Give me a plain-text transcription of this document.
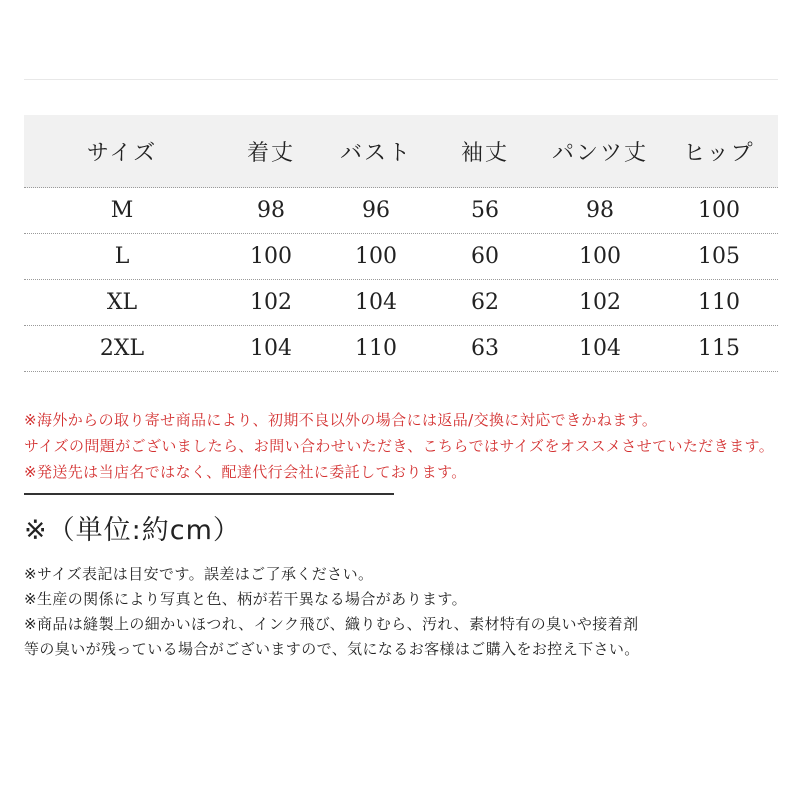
サイズ	着丈	バスト	袖丈	パンツ丈	ヒップ
M	98	96	56	98	100
L	100	100	60	100	105
XL	102	104	62	102	110
2XL	104	110	63	104	115
※海外からの取り寄せ商品により、初期不良以外の場合には返品/交換に対応できかねます。
サイズの問題がございましたら、お問い合わせいただき、こちらではサイズをオススメさせていただきます。
※発送先は当店名ではなく、配達代行会社に委託しております。
※（単位:約cm）
※サイズ表記は目安です。誤差はご了承ください。
※生産の関係により写真と色、柄が若干異なる場合があります。
※商品は縫製上の細かいほつれ、インク飛び、織りむら、汚れ、素材特有の臭いや接着剤
等の臭いが残っている場合がございますので、気になるお客様はご購入をお控え下さい。
